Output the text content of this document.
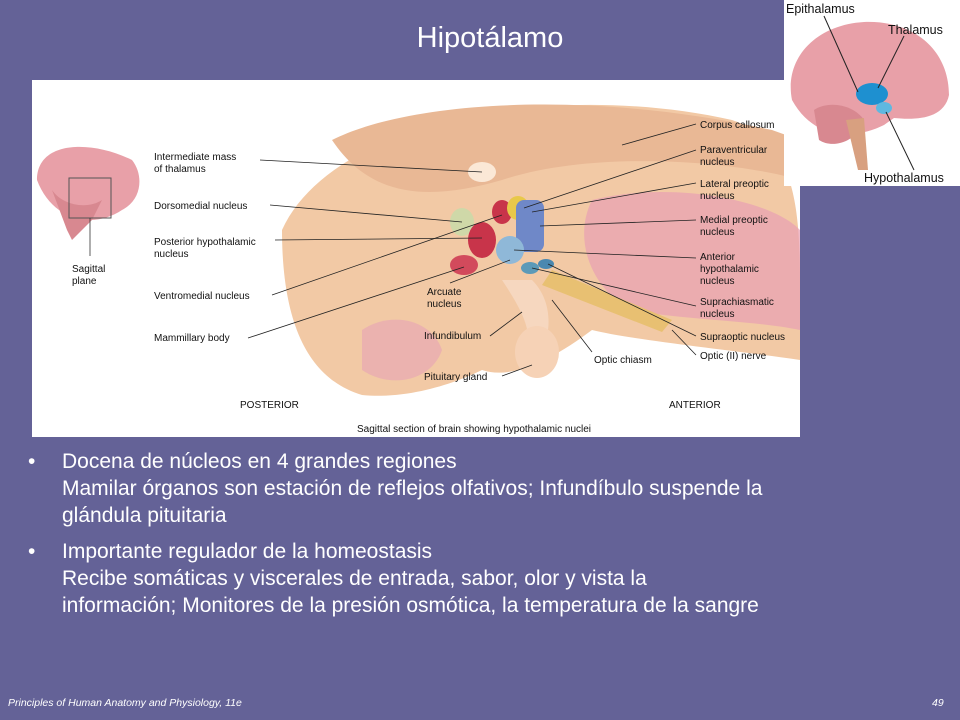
Hipotálamo
Intermediate mass
of thalamus
Dorsomedial nucleus
Posterior hypothalamic
nucleus
Ventromedial nucleus
Mammillary body
Corpus callosum
Paraventricular
nucleus
Lateral preoptic
nucleus
Medial preoptic
nucleus
Anterior
hypothalamic
nucleus
Suprachiasmatic
nucleus
Supraoptic nucleus
Optic (II) nerve
Arcuate
nucleus
Infundibulum
Pituitary gland
Optic chiasm
Sagittal
plane
POSTERIOR	ANTERIOR
Sagittal section of brain showing hypothalamic nuclei
Epithalamus
Thalamus
Hypothalamus
• Docena de núcleos en 4 grandes regiones
Mamilar órganos son estación de reflejos olfativos; Infundíbulo suspende la
glándula pituitaria
• Importante regulador de la homeostasis
Recibe somáticas y viscerales de entrada, sabor, olor y vista la
información; Monitores de la presión osmótica, la temperatura de la sangre
Principles of Human Anatomy and Physiology, 11e	49
